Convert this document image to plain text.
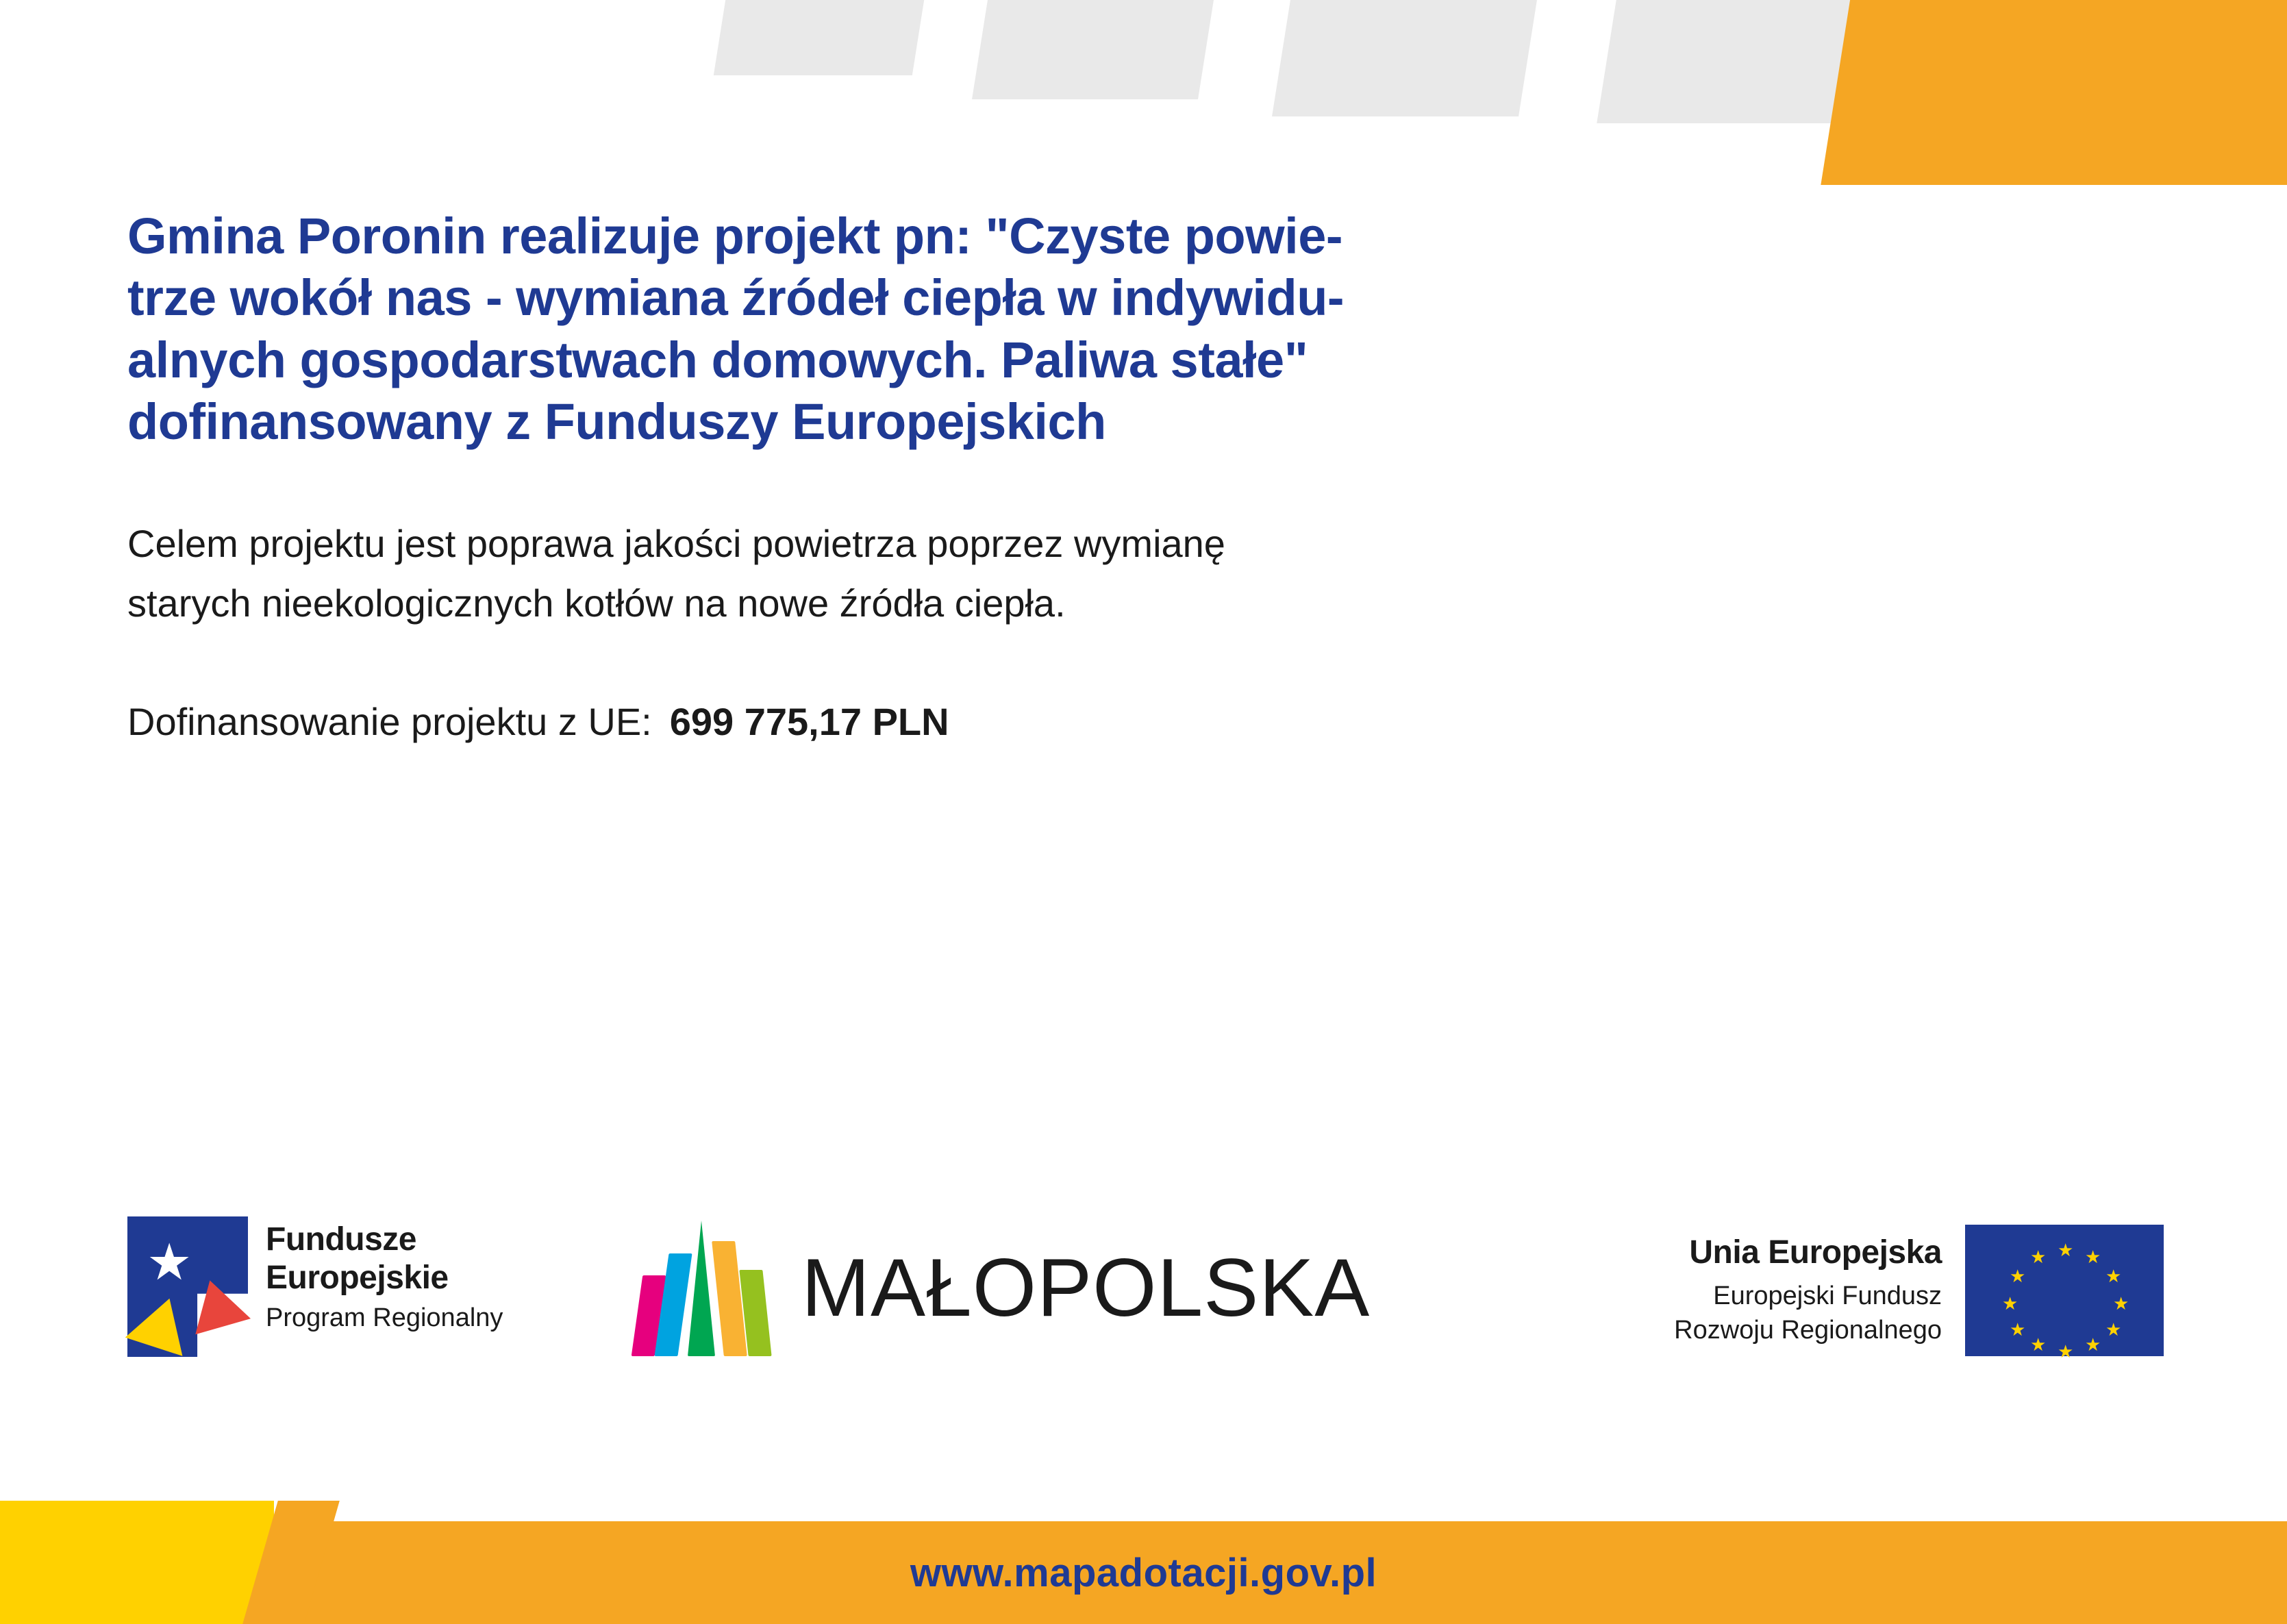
Gmina Poronin realizuje projekt pn: "Czyste powie-
trze wokół nas - wymiana źródeł ciepła w indywidu-
alnych gospodarstwach domowych. Paliwa stałe"
dofinansowany z Funduszy Europejskich
Celem projektu jest poprawa jakości powietrza poprzez wymianę
starych nieekologicznych kotłów na nowe źródła ciepła.
Dofinansowanie projektu z UE: 699 775,17 PLN
★ Fundusze
Europejskie
Program Regionalny	MAŁOPOLSKA	Unia Europejska
Europejski Fundusz
Rozwoju Regionalnego
★ ★
★
★
★
★
★
★
★
★
★
★
www.mapadotacji.gov.pl
